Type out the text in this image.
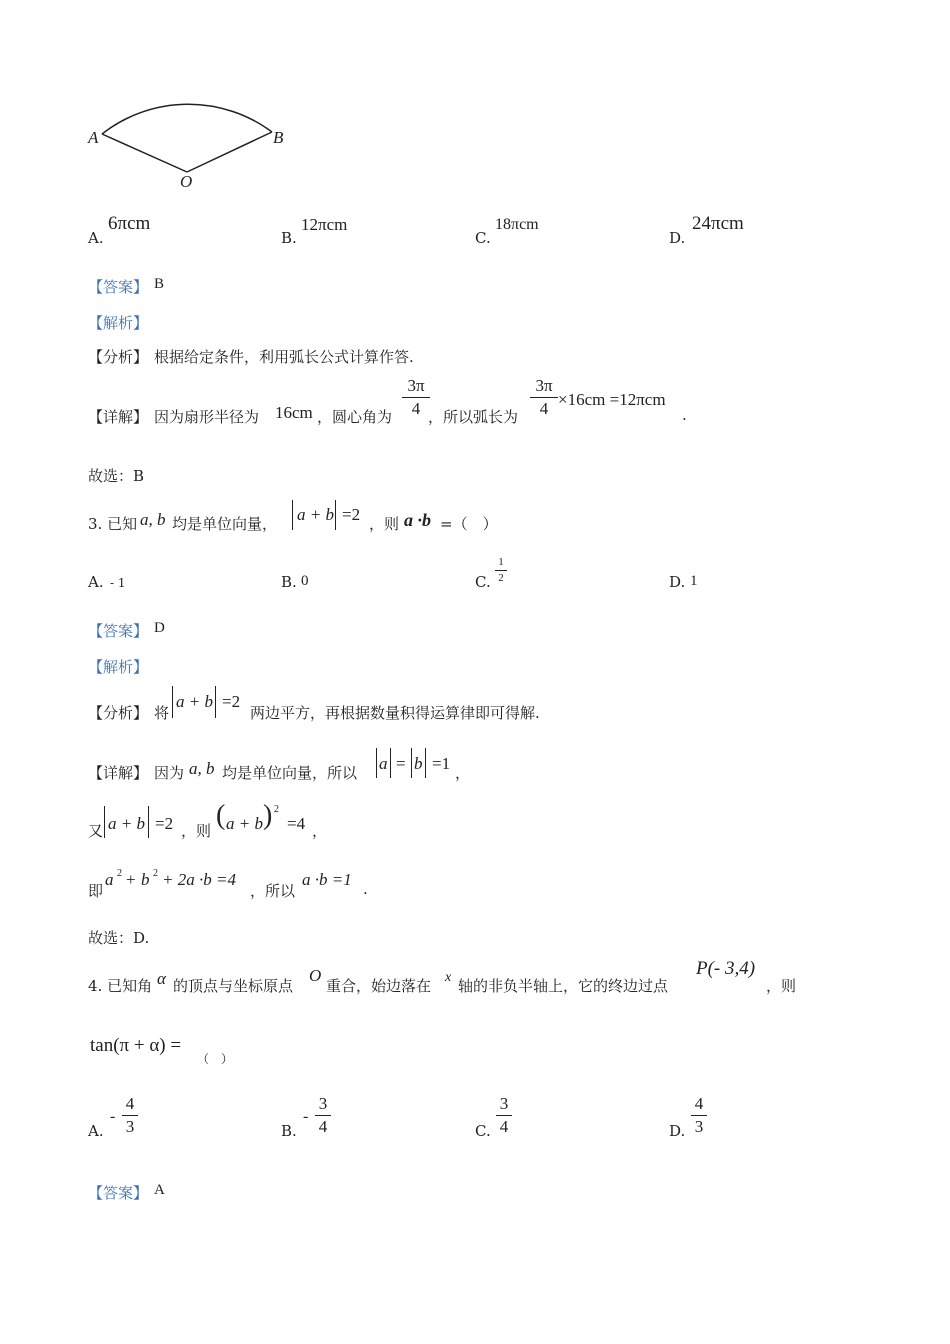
A	B
O
A.
6πcm
B.
12πcm
C.
18πcm
D.
24πcm
【答案】 B
【解析】
【分析】 根据给定条件，利用弧长公式计算作答.
【详解】 因为扇形半径为 16cm ，圆心角为
3π
4 ，所以弧长为
3π
4 ×16cm =12πcm
.
故选：B
3. 已知 a, b 均是单位向量， a + b =2 ，则 a ·b =（　）
A. - 1	B. 0	C.
1
2	D. 1
【答案】 D
【解析】
【分析】 将
a + b =2
两边平方，再根据数量积得运算律即可得解.
【详解】 因为 a, b 均是单位向量，所以 a = b =1 ，
又 a + b =2 ，则 ( a + b ) 2
=4 ，
即
a 2 + b 2 + 2a ·b =4
，所以
a ·b =1 .
故选：D.
4. 已知角 α 的顶点与坐标原点
O
重合，始边落在 x 轴的非负半轴上，它的终边过点
P(- 3,4)
，则
tan(π + α) =
（　）
A.
-
4
3	B.
-
3
4	C.
3
4	D.
4
3
【答案】 A
